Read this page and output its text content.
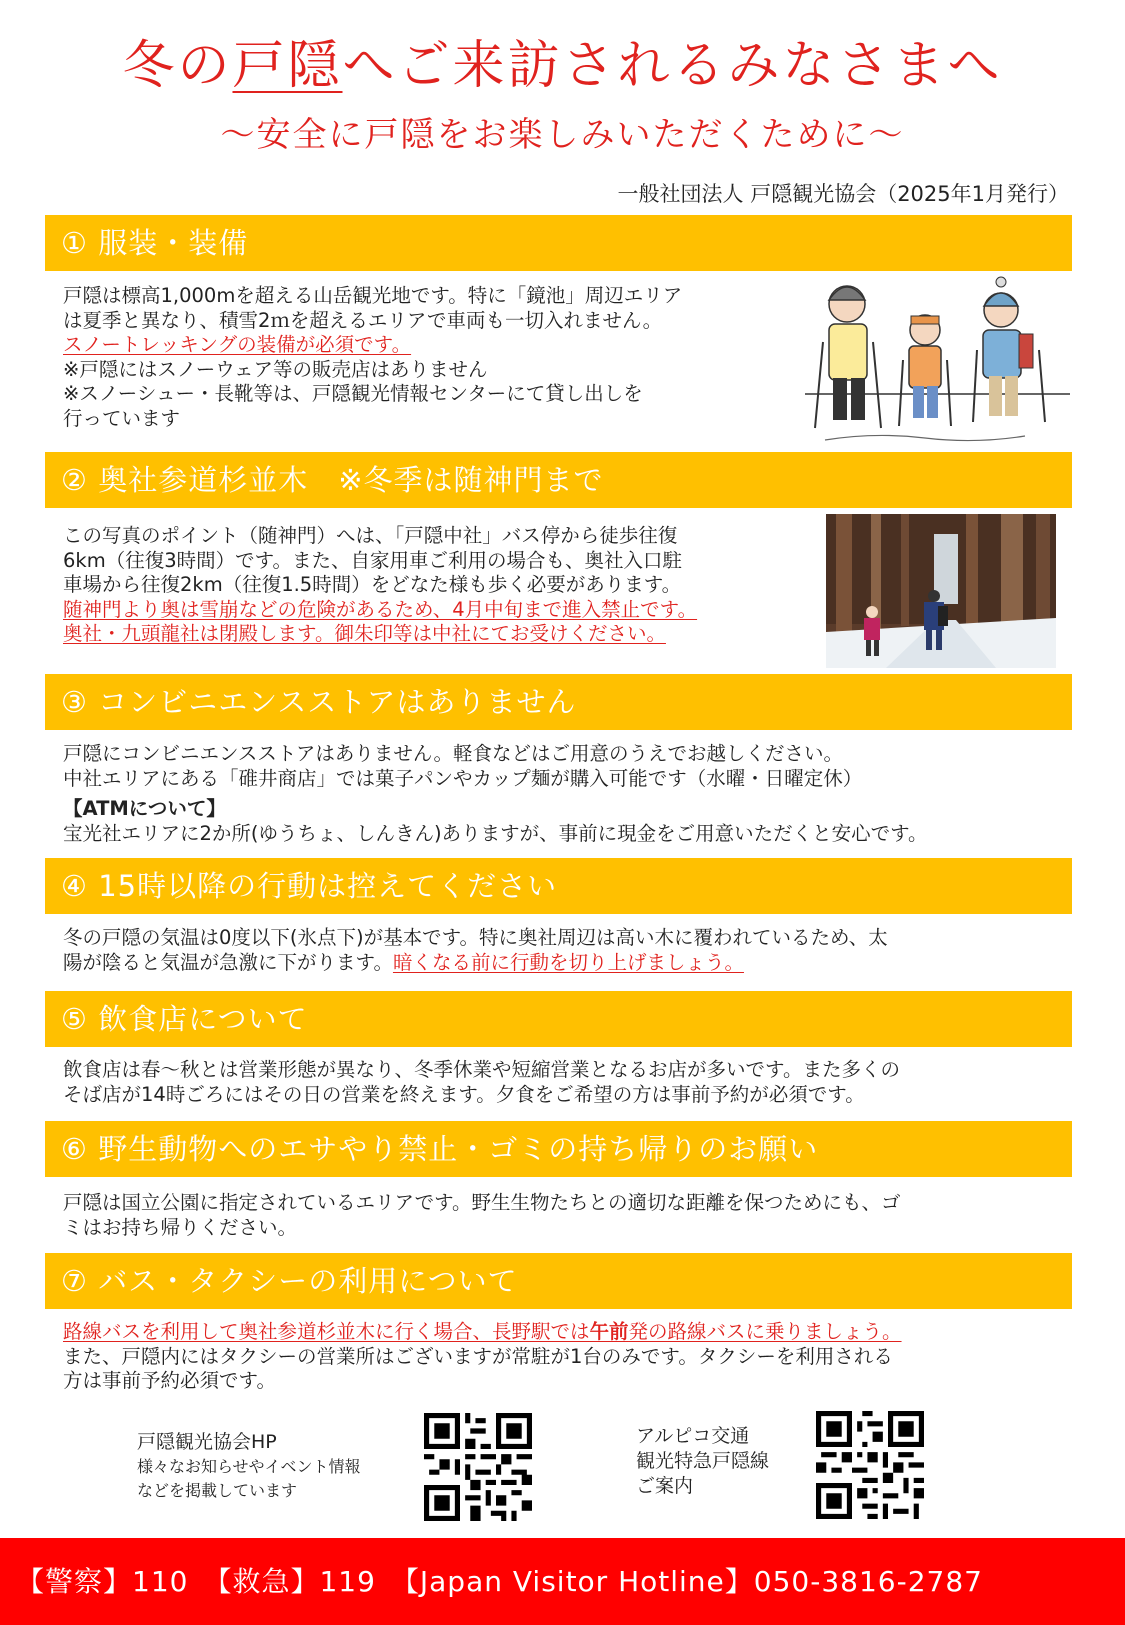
冬の戸隠へご来訪されるみなさまへ
〜安全に戸隠をお楽しみいただくために〜
一般社団法人 戸隠観光協会（2025年1月発行）
① 服装・装備
戸隠は標高1,000mを超える山岳観光地です。特に「鏡池」周辺エリア
は夏季と異なり、積雪2ｍを超えるエリアで車両も一切入れません。
スノートレッキングの装備が必須です。
※戸隠にはスノーウェア等の販売店はありません
※スノーシュー・長靴等は、戸隠観光情報センターにて貸し出しを
行っています
② 奥社参道杉並木　※冬季は随神門まで
この写真のポイント（随神門）へは、「戸隠中社」バス停から徒歩往復
6km（往復3時間）です。また、自家用車ご利用の場合も、奥社入口駐
車場から往復2km（往復1.5時間）をどなた様も歩く必要があります。
随神門より奥は雪崩などの危険があるため、4月中旬まで進入禁止です。
奥社・九頭龍社は閉殿します。御朱印等は中社にてお受けください。
③ コンビニエンスストアはありません
戸隠にコンビニエンスストアはありません。軽食などはご用意のうえでお越しください。
中社エリアにある「碓井商店」では菓子パンやカップ麺が購入可能です（水曜・日曜定休）
【ATMについて】
宝光社エリアに2か所(ゆうちょ、しんきん)ありますが、事前に現金をご用意いただくと安心です。
④ 15時以降の行動は控えてください
冬の戸隠の気温は0度以下(氷点下)が基本です。特に奥社周辺は高い木に覆われているため、太
陽が陰ると気温が急激に下がります。暗くなる前に行動を切り上げましょう。
⑤ 飲食店について
飲食店は春〜秋とは営業形態が異なり、冬季休業や短縮営業となるお店が多いです。また多くの
そば店が14時ごろにはその日の営業を終えます。夕食をご希望の方は事前予約が必須です。
⑥ 野生動物へのエサやり禁止・ゴミの持ち帰りのお願い
戸隠は国立公園に指定されているエリアです。野生生物たちとの適切な距離を保つためにも、ゴ
ミはお持ち帰りください。
⑦ バス・タクシーの利用について
路線バスを利用して奥社参道杉並木に行く場合、長野駅では午前発の路線バスに乗りましょう。
また、戸隠内にはタクシーの営業所はございますが常駐が1台のみです。タクシーを利用される
方は事前予約必須です。
戸隠観光協会HP
様々なお知らせやイベント情報
などを掲載しています
アルピコ交通
観光特急戸隠線
ご案内
【警察】110　【救急】119　【Japan Visitor Hotline】050-3816-2787
